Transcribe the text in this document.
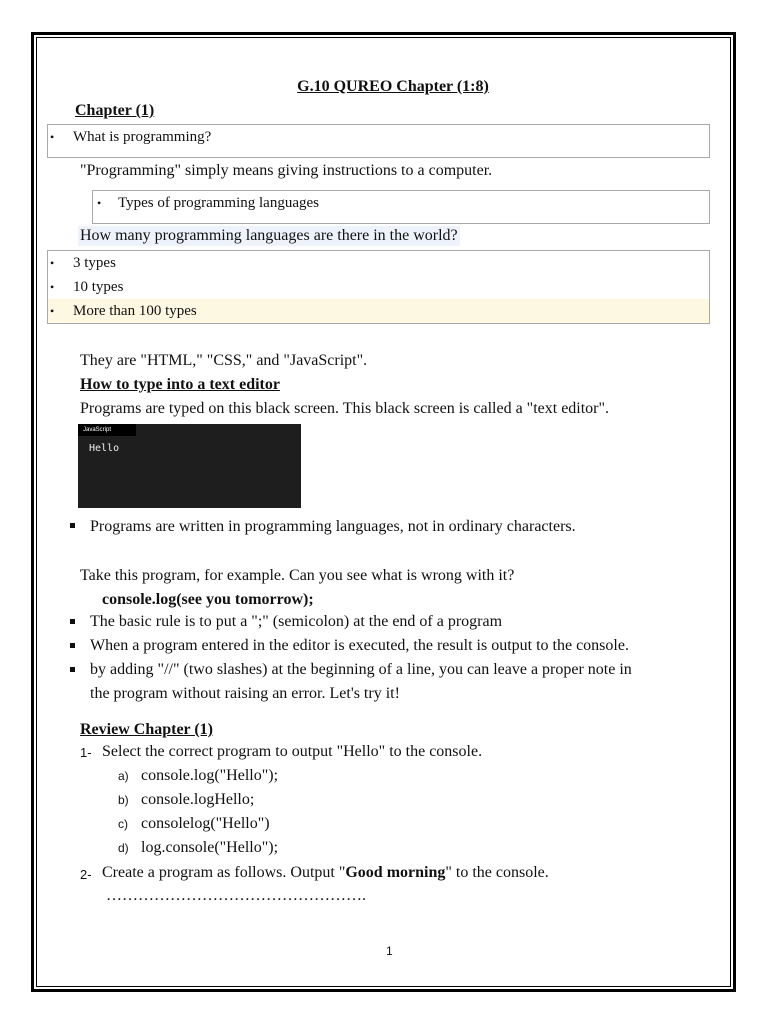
G.10 QUREO Chapter (1:8)
Chapter (1)
• What is programming?
"Programming" simply means giving instructions to a computer.
• Types of programming languages
How many programming languages are there in the world?
• 3 types
• 10 types
• More than 100 types
They are "HTML," "CSS," and "JavaScript".
How to type into a text editor
Programs are typed on this black screen. This black screen is called a "text editor".
JavaScript
Hello
Programs are written in programming languages, not in ordinary characters.
Take this program, for example. Can you see what is wrong with it?
console.log(see you tomorrow);
The basic rule is to put a ";" (semicolon) at the end of a program
When a program entered in the editor is executed, the result is output to the console.
by adding "//" (two slashes) at the beginning of a line, you can leave a proper note in
the program without raising an error. Let's try it!
Review Chapter (1)
1- Select the correct program to output "Hello" to the console.
a) console.log("Hello");
b) console.logHello;
c) consolelog("Hello")
d) log.console("Hello");
2- Create a program as follows. Output "Good morning" to the console.
………………………………………….
1
